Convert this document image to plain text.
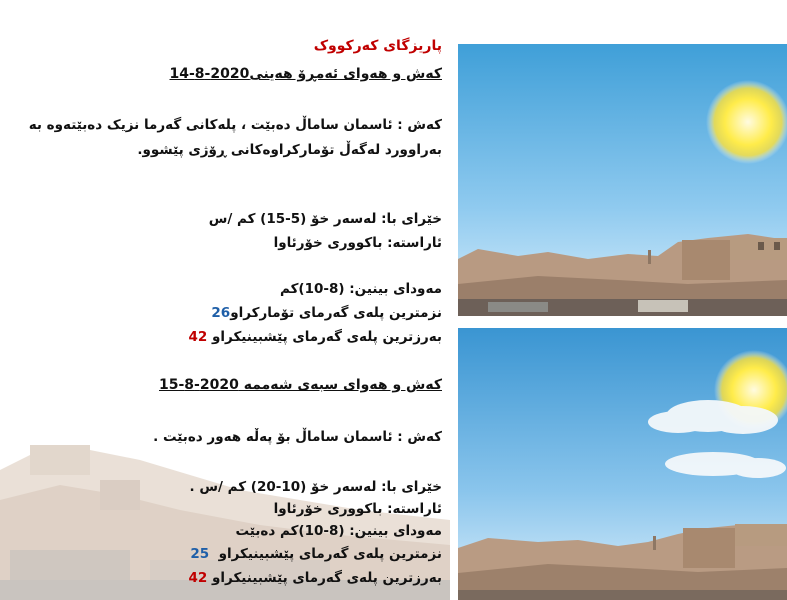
پاریزگای کەرکووک
کەش و هەوای ئەمڕۆ هەینی2020-8-14
کەش : ئاسمان ساماڵ دەبێت ، پلەکانی گەرما نزیک دەبێتەوە بە
بەراوورد لەگەڵ تۆمارکراوەکانی ڕۆژی پێشوو.
خێرای با: لەسەر خۆ (5-15) کم /س
ئاراستە: باکووری خۆرئاوا
مەودای بینین: (8-10)کم
نزمترین پلەی گەرمای تۆمارکراو26
بەرزترین پلەی گەرمای پێشبینیکراو 42
کەش و هەوای سبەی شەممە 2020-8-15
کەش : ئاسمان ساماڵ بۆ پەڵە هەور دەبێت .
خێرای با: لەسەر خۆ (10-20) کم /س .
ئاراستە: باکووری خۆرئاوا
مەودای بینین: (8-10)کم دەبێت
نزمترین پلەی گەرمای پێشبینیکراو  25
بەرزترین پلەی گەرمای پێشبینیکراو 42
